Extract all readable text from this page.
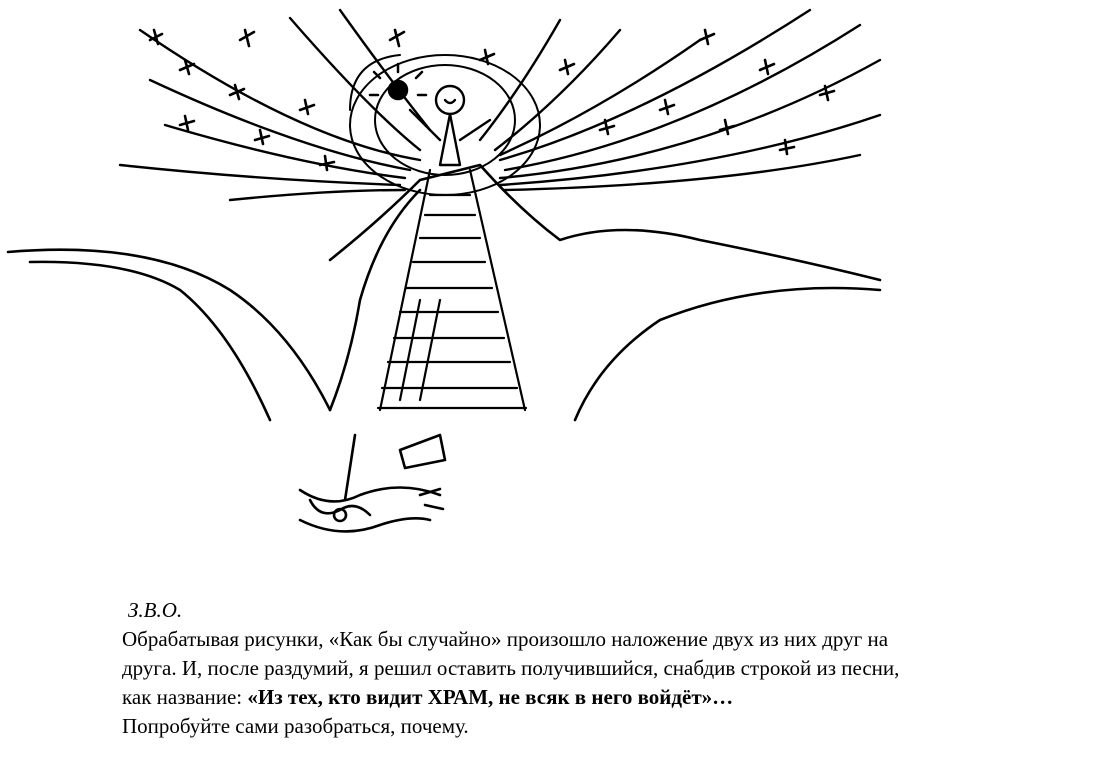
З.В.О.
Обрабатывая рисунки, «Как бы случайно» произошло наложение двух из них друг на
друга. И, после раздумий, я решил оставить получившийся, снабдив строкой из песни,
как название: «Из тех, кто видит ХРАМ, не всяк в него войдёт»…
Попробуйте сами разобраться, почему.
